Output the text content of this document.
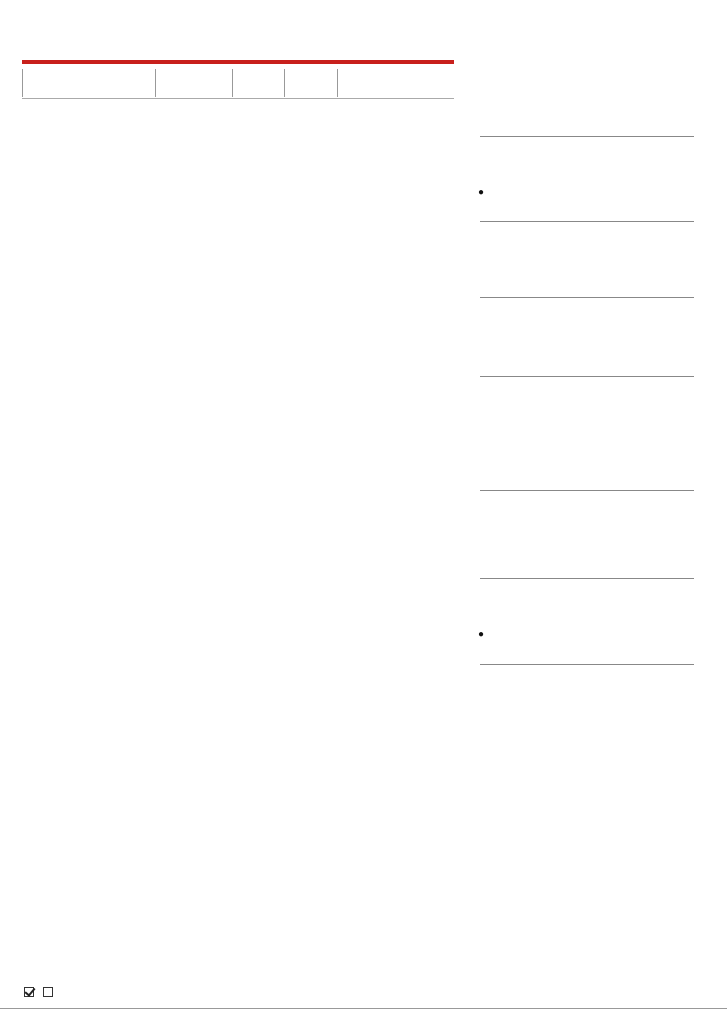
●
●
